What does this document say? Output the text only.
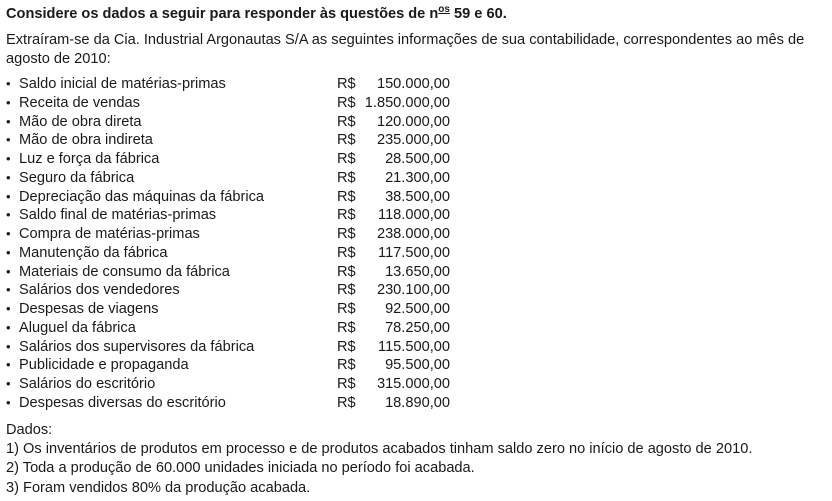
Considere os dados a seguir para responder às questões de $n^{os}$ 59 e 60.
Extraíram-se da Cia. Industrial Argonautas S/A as seguintes informações de sua contabilidade, correspondentes ao mês de agosto de 2010:
• Saldo inicial de matérias-primas	R$ 150.000,00
• Receita de vendas	R$ 1.850.000,00
• Mão de obra direta	R$ 120.000,00
• Mão de obra indireta	R$ 235.000,00
• Luz e força da fábrica	R$ 28.500,00
• Seguro da fábrica	R$ 21.300,00
• Depreciação das máquinas da fábrica	R$ 38.500,00
• Saldo final de matérias-primas	R$ 118.000,00
• Compra de matérias-primas	R$ 238.000,00
• Manutenção da fábrica	R$ 117.500,00
• Materiais de consumo da fábrica	R$ 13.650,00
• Salários dos vendedores	R$ 230.100,00
• Despesas de viagens	R$ 92.500,00
• Aluguel da fábrica	R$ 78.250,00
• Salários dos supervisores da fábrica	R$ 115.500,00
• Publicidade e propaganda	R$ 95.500,00
• Salários do escritório	R$ 315.000,00
• Despesas diversas do escritório	R$ 18.890,00
Dados:
1) Os inventários de produtos em processo e de produtos acabados tinham saldo zero no início de agosto de 2010.
2) Toda a produção de 60.000 unidades iniciada no período foi acabada.
3) Foram vendidos 80% da produção acabada.
